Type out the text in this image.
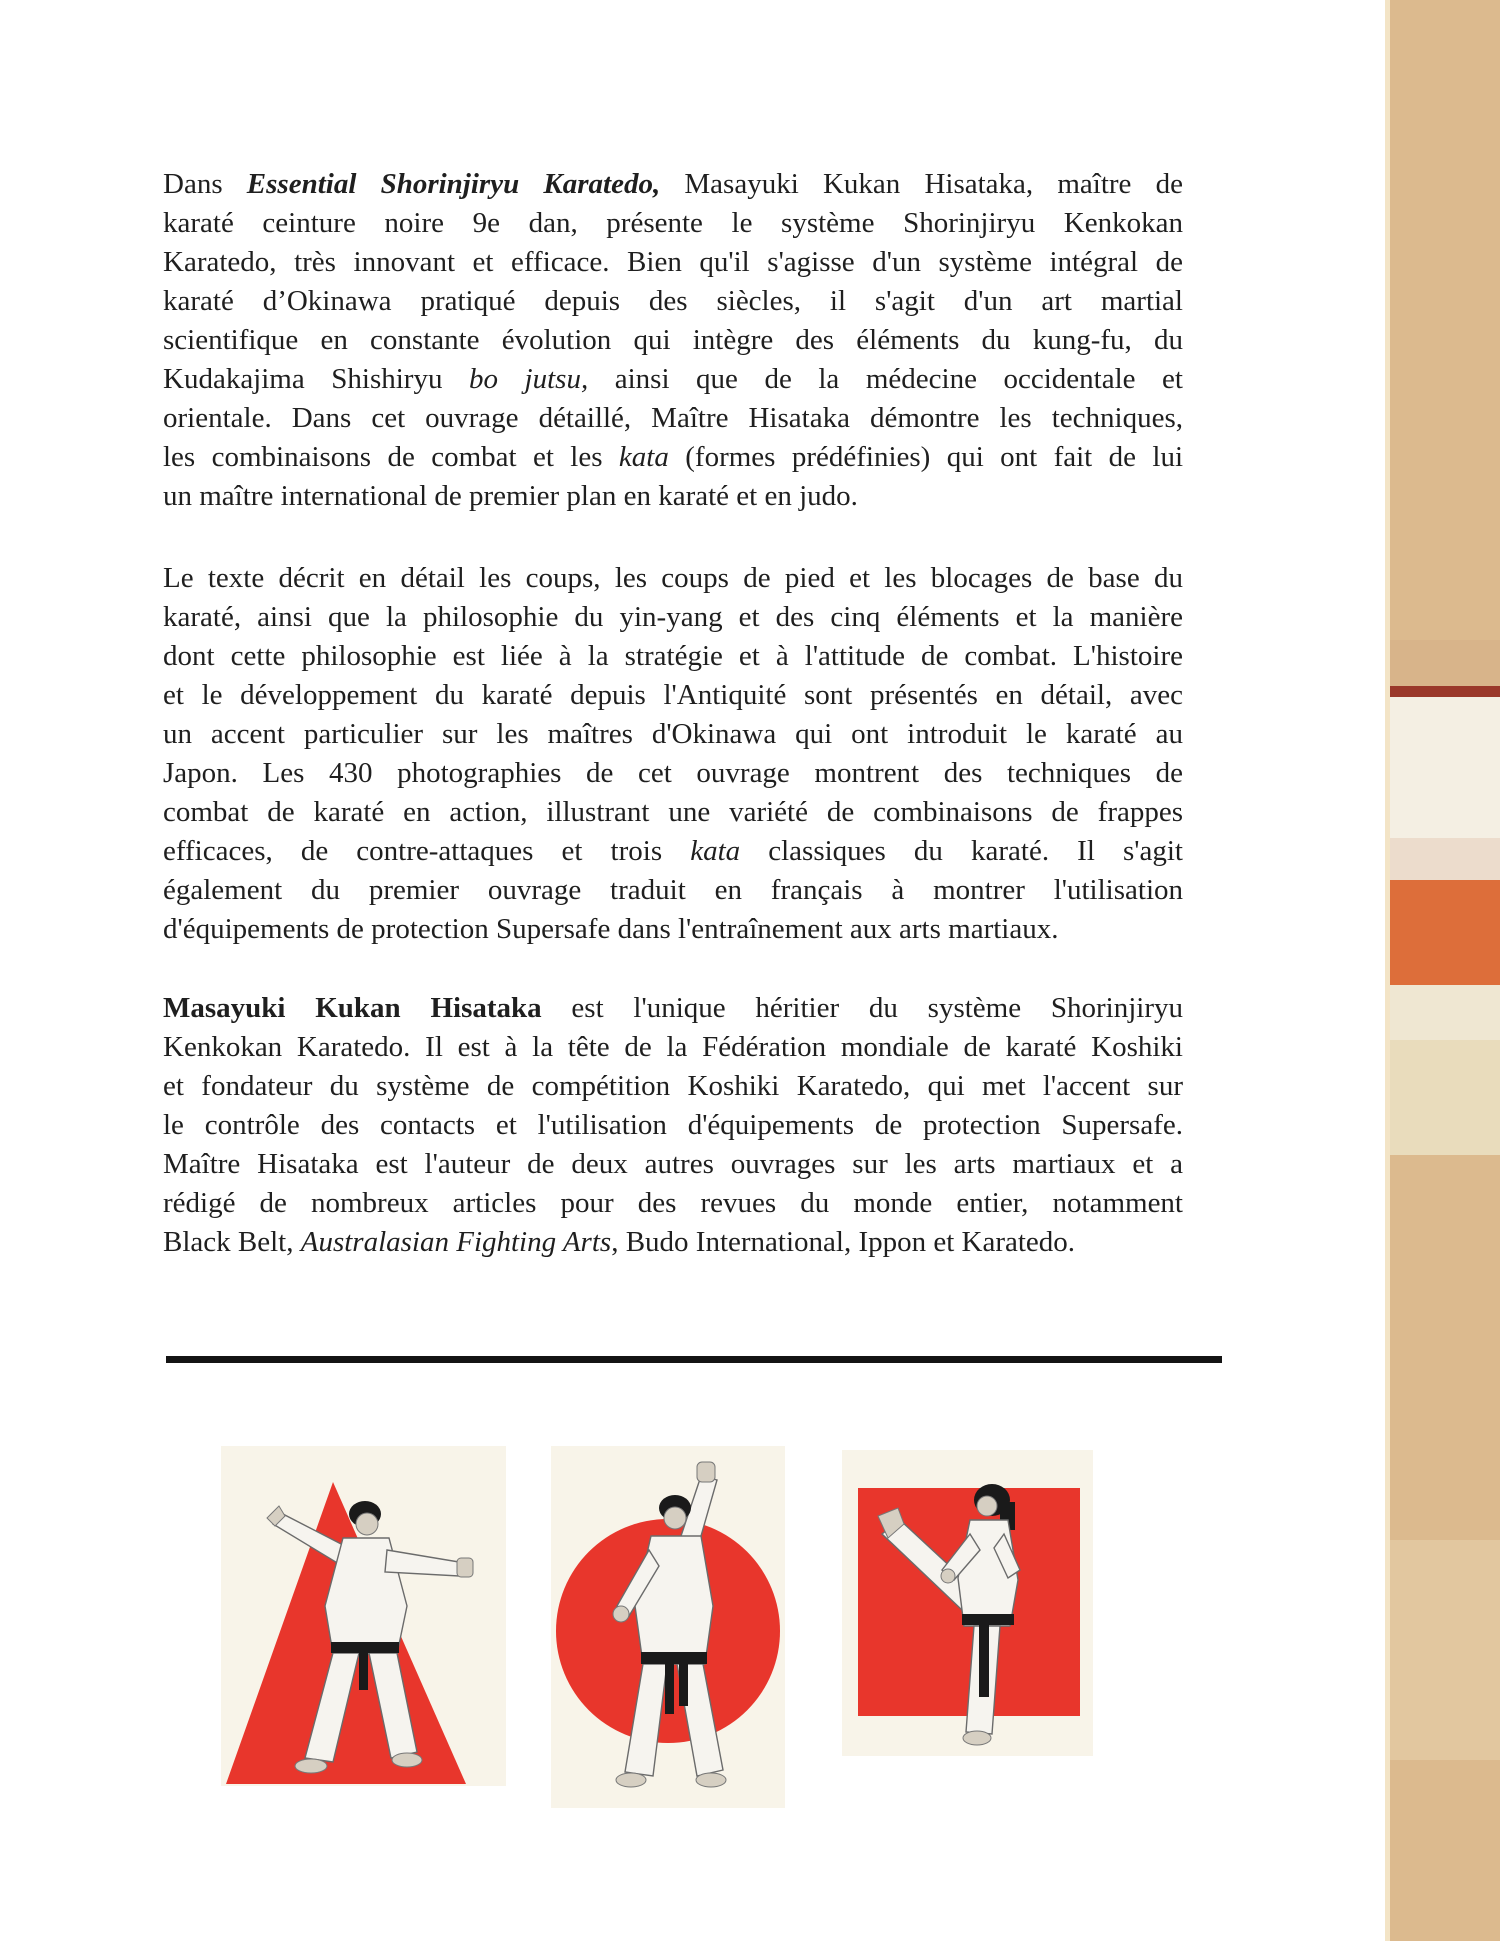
Dans Essential Shorinjiryu Karatedo, Masayuki Kukan Hisataka, maître de
karaté ceinture noire 9e dan, présente le système Shorinjiryu Kenkokan
Karatedo, très innovant et efficace. Bien qu'il s'agisse d'un système intégral de
karaté d’Okinawa pratiqué depuis des siècles, il s'agit d'un art martial
scientifique en constante évolution qui intègre des éléments du kung-fu, du
Kudakajima Shishiryu bo jutsu, ainsi que de la médecine occidentale et
orientale. Dans cet ouvrage détaillé, Maître Hisataka démontre les techniques,
les combinaisons de combat et les kata (formes prédéfinies) qui ont fait de lui
un maître international de premier plan en karaté et en judo.
Le texte décrit en détail les coups, les coups de pied et les blocages de base du
karaté, ainsi que la philosophie du yin-yang et des cinq éléments et la manière
dont cette philosophie est liée à la stratégie et à l'attitude de combat. L'histoire
et le développement du karaté depuis l'Antiquité sont présentés en détail, avec
un accent particulier sur les maîtres d'Okinawa qui ont introduit le karaté au
Japon. Les 430 photographies de cet ouvrage montrent des techniques de
combat de karaté en action, illustrant une variété de combinaisons de frappes
efficaces, de contre-attaques et trois kata classiques du karaté. Il s'agit
également du premier ouvrage traduit en français à montrer l'utilisation
d'équipements de protection Supersafe dans l'entraînement aux arts martiaux.
Masayuki Kukan Hisataka est l'unique héritier du système Shorinjiryu
Kenkokan Karatedo. Il est à la tête de la Fédération mondiale de karaté Koshiki
et fondateur du système de compétition Koshiki Karatedo, qui met l'accent sur
le contrôle des contacts et l'utilisation d'équipements de protection Supersafe.
Maître Hisataka est l'auteur de deux autres ouvrages sur les arts martiaux et a
rédigé de nombreux articles pour des revues du monde entier, notamment
Black Belt, Australasian Fighting Arts, Budo International, Ippon et Karatedo.
